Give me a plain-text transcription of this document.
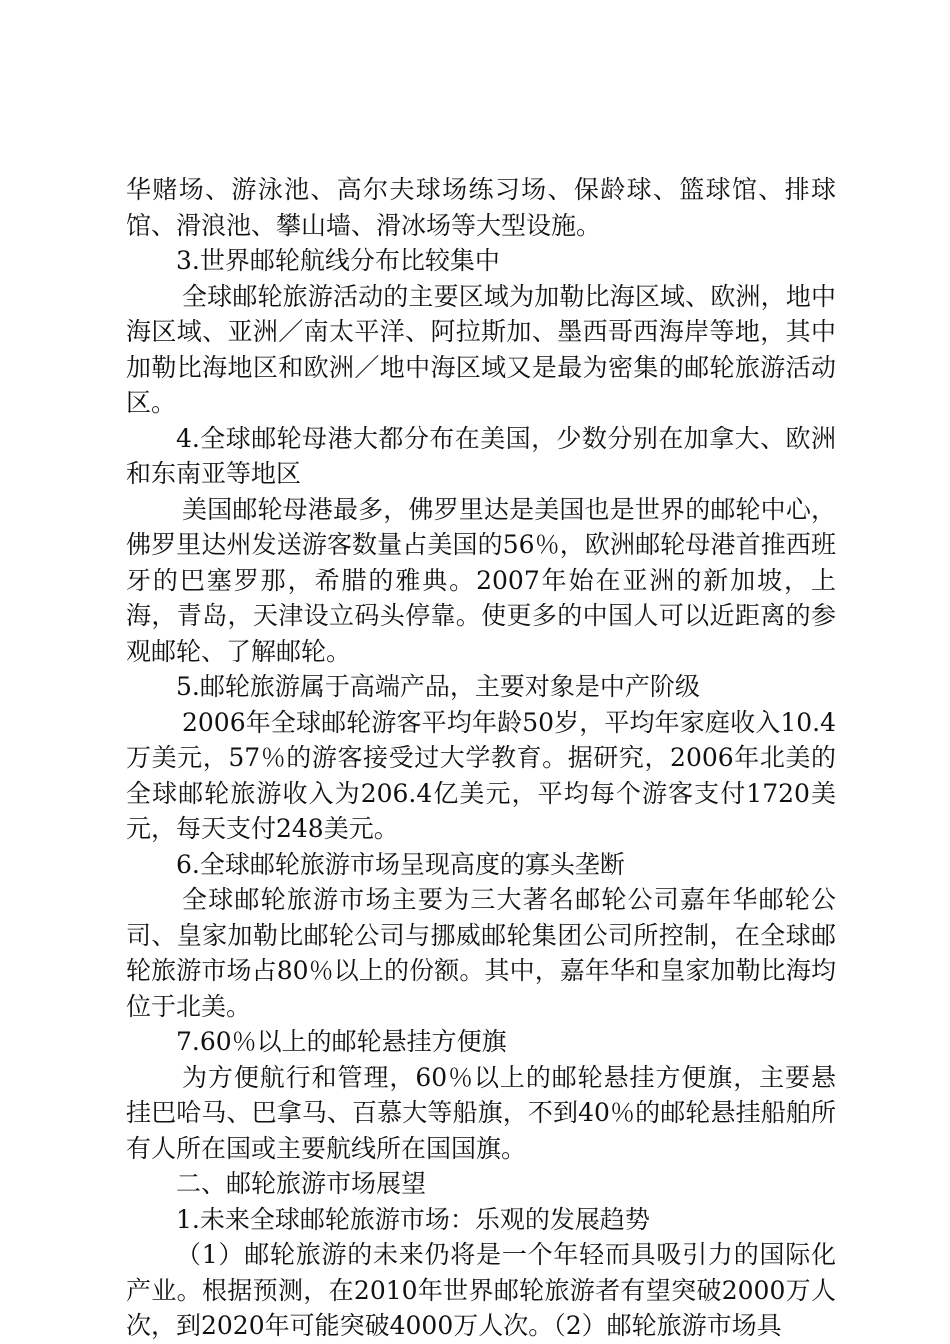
华赌场、游泳池、高尔夫球场练习场、保龄球、篮球馆、排球馆、滑浪池、攀山墙、滑冰场等大型设施。

3.世界邮轮航线分布比较集中

全球邮轮旅游活动的主要区域为加勒比海区域、欧洲，地中海区域、亚洲／南太平洋、阿拉斯加、墨西哥西海岸等地，其中加勒比海地区和欧洲／地中海区域又是最为密集的邮轮旅游活动区。

4.全球邮轮母港大都分布在美国，少数分别在加拿大、欧洲和东南亚等地区

美国邮轮母港最多，佛罗里达是美国也是世界的邮轮中心，佛罗里达州发送游客数量占美国的56％，欧洲邮轮母港首推西班牙的巴塞罗那，希腊的雅典。2007年始在亚洲的新加坡，上海，青岛，天津设立码头停靠。使更多的中国人可以近距离的参观邮轮、了解邮轮。

5.邮轮旅游属于高端产品，主要对象是中产阶级

2006年全球邮轮游客平均年龄50岁，平均年家庭收入10.4万美元，57％的游客接受过大学教育。据研究，2006年北美的全球邮轮旅游收入为206.4亿美元，平均每个游客支付1720美元，每天支付248美元。

6.全球邮轮旅游市场呈现高度的寡头垄断

全球邮轮旅游市场主要为三大著名邮轮公司嘉年华邮轮公司、皇家加勒比邮轮公司与挪威邮轮集团公司所控制，在全球邮轮旅游市场占80％以上的份额。其中，嘉年华和皇家加勒比海均位于北美。

7.60％以上的邮轮悬挂方便旗

为方便航行和管理，60％以上的邮轮悬挂方便旗，主要悬挂巴哈马、巴拿马、百慕大等船旗，不到40％的邮轮悬挂船舶所有人所在国或主要航线所在国国旗。

二、邮轮旅游市场展望

1.未来全球邮轮旅游市场：乐观的发展趋势

（1）邮轮旅游的未来仍将是一个年轻而具吸引力的国际化产业。根据预测，在2010年世界邮轮旅游者有望突破2000万人次，到2020年可能突破4000万人次。（2）邮轮旅游市场具
